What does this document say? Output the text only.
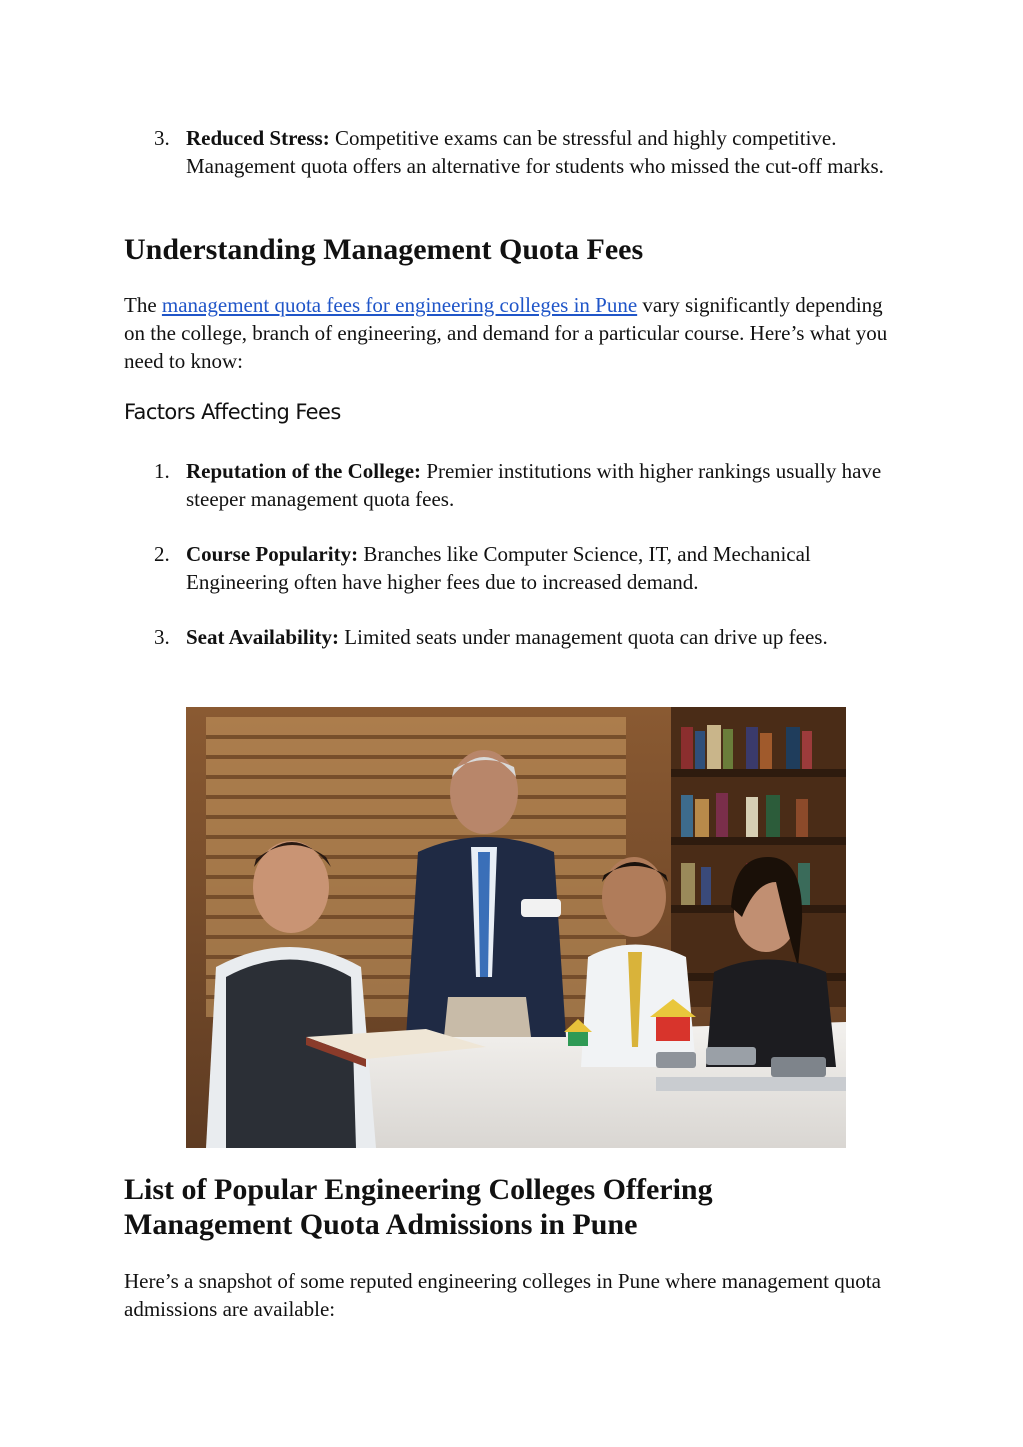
3. Reduced Stress: Competitive exams can be stressful and highly competitive. Management quota offers an alternative for students who missed the cut-off marks.
Understanding Management Quota Fees

The management quota fees for engineering colleges in Pune vary significantly depending on the college, branch of engineering, and demand for a particular course. Here’s what you need to know:

Factors Affecting Fees
1. Reputation of the College: Premier institutions with higher rankings usually have steeper management quota fees.
2. Course Popularity: Branches like Computer Science, IT, and Mechanical Engineering often have higher fees due to increased demand.
3. Seat Availability: Limited seats under management quota can drive up fees.
List of Popular Engineering Colleges Offering
Management Quota Admissions in Pune

Here’s a snapshot of some reputed engineering colleges in Pune where management quota admissions are available:
